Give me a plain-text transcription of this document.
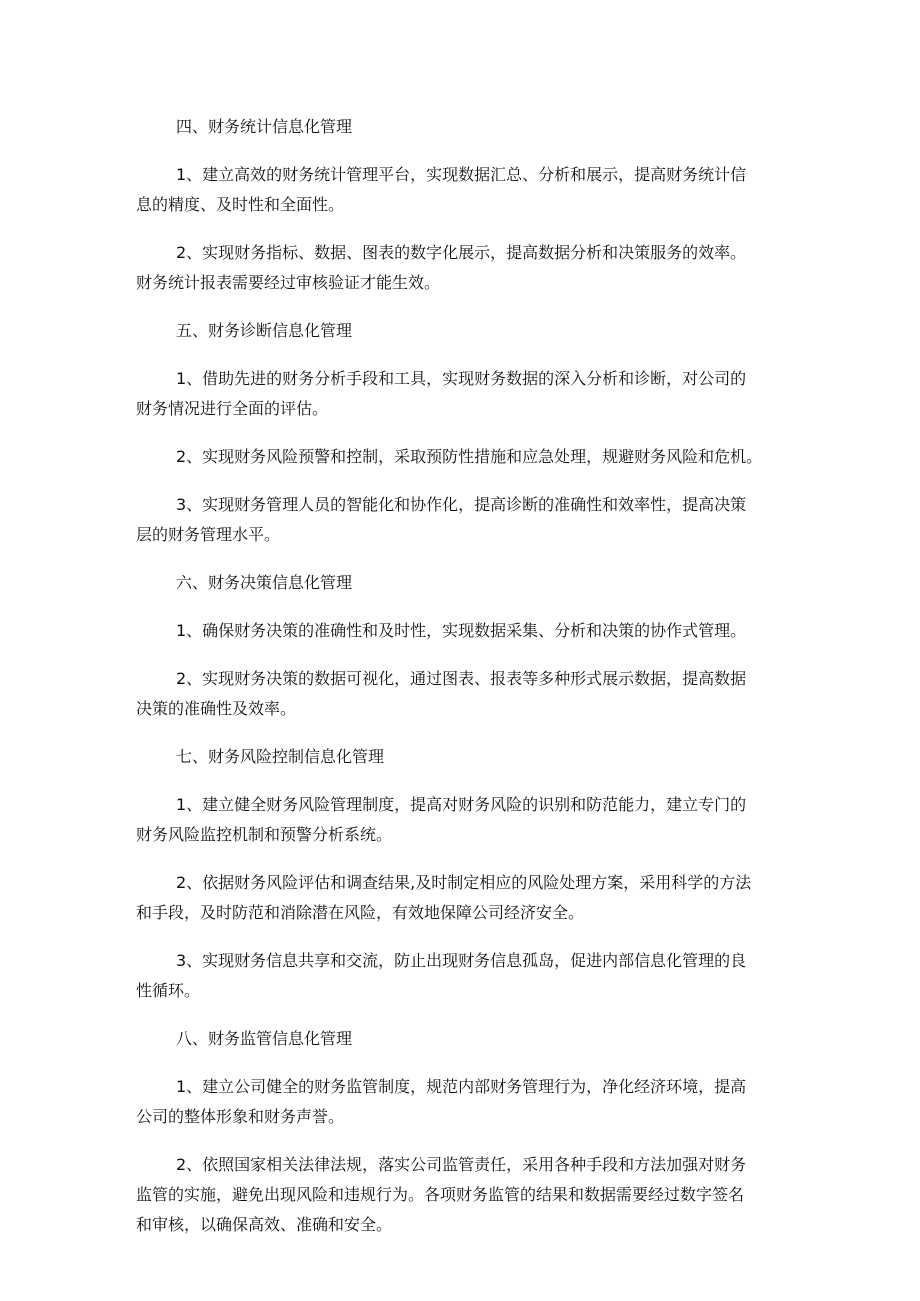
四、财务统计信息化管理

1、建立高效的财务统计管理平台，实现数据汇总、分析和展示，提高财务统计信
息的精度、及时性和全面性。

2、实现财务指标、数据、图表的数字化展示，提高数据分析和决策服务的效率。
财务统计报表需要经过审核验证才能生效。

五、财务诊断信息化管理

1、借助先进的财务分析手段和工具，实现财务数据的深入分析和诊断，对公司的
财务情况进行全面的评估。

2、实现财务风险预警和控制，采取预防性措施和应急处理，规避财务风险和危机。

3、实现财务管理人员的智能化和协作化，提高诊断的准确性和效率性，提高决策
层的财务管理水平。

六、财务决策信息化管理

1、确保财务决策的准确性和及时性，实现数据采集、分析和决策的协作式管理。

2、实现财务决策的数据可视化，通过图表、报表等多种形式展示数据，提高数据
决策的准确性及效率。

七、财务风险控制信息化管理

1、建立健全财务风险管理制度，提高对财务风险的识别和防范能力，建立专门的
财务风险监控机制和预警分析系统。

2、依据财务风险评估和调查结果,及时制定相应的风险处理方案，采用科学的方法
和手段，及时防范和消除潜在风险，有效地保障公司经济安全。

3、实现财务信息共享和交流，防止出现财务信息孤岛，促进内部信息化管理的良
性循环。

八、财务监管信息化管理

1、建立公司健全的财务监管制度，规范内部财务管理行为，净化经济环境，提高
公司的整体形象和财务声誉。

2、依照国家相关法律法规，落实公司监管责任，采用各种手段和方法加强对财务
监管的实施，避免出现风险和违规行为。各项财务监管的结果和数据需要经过数字签名
和审核，以确保高效、准确和安全。
